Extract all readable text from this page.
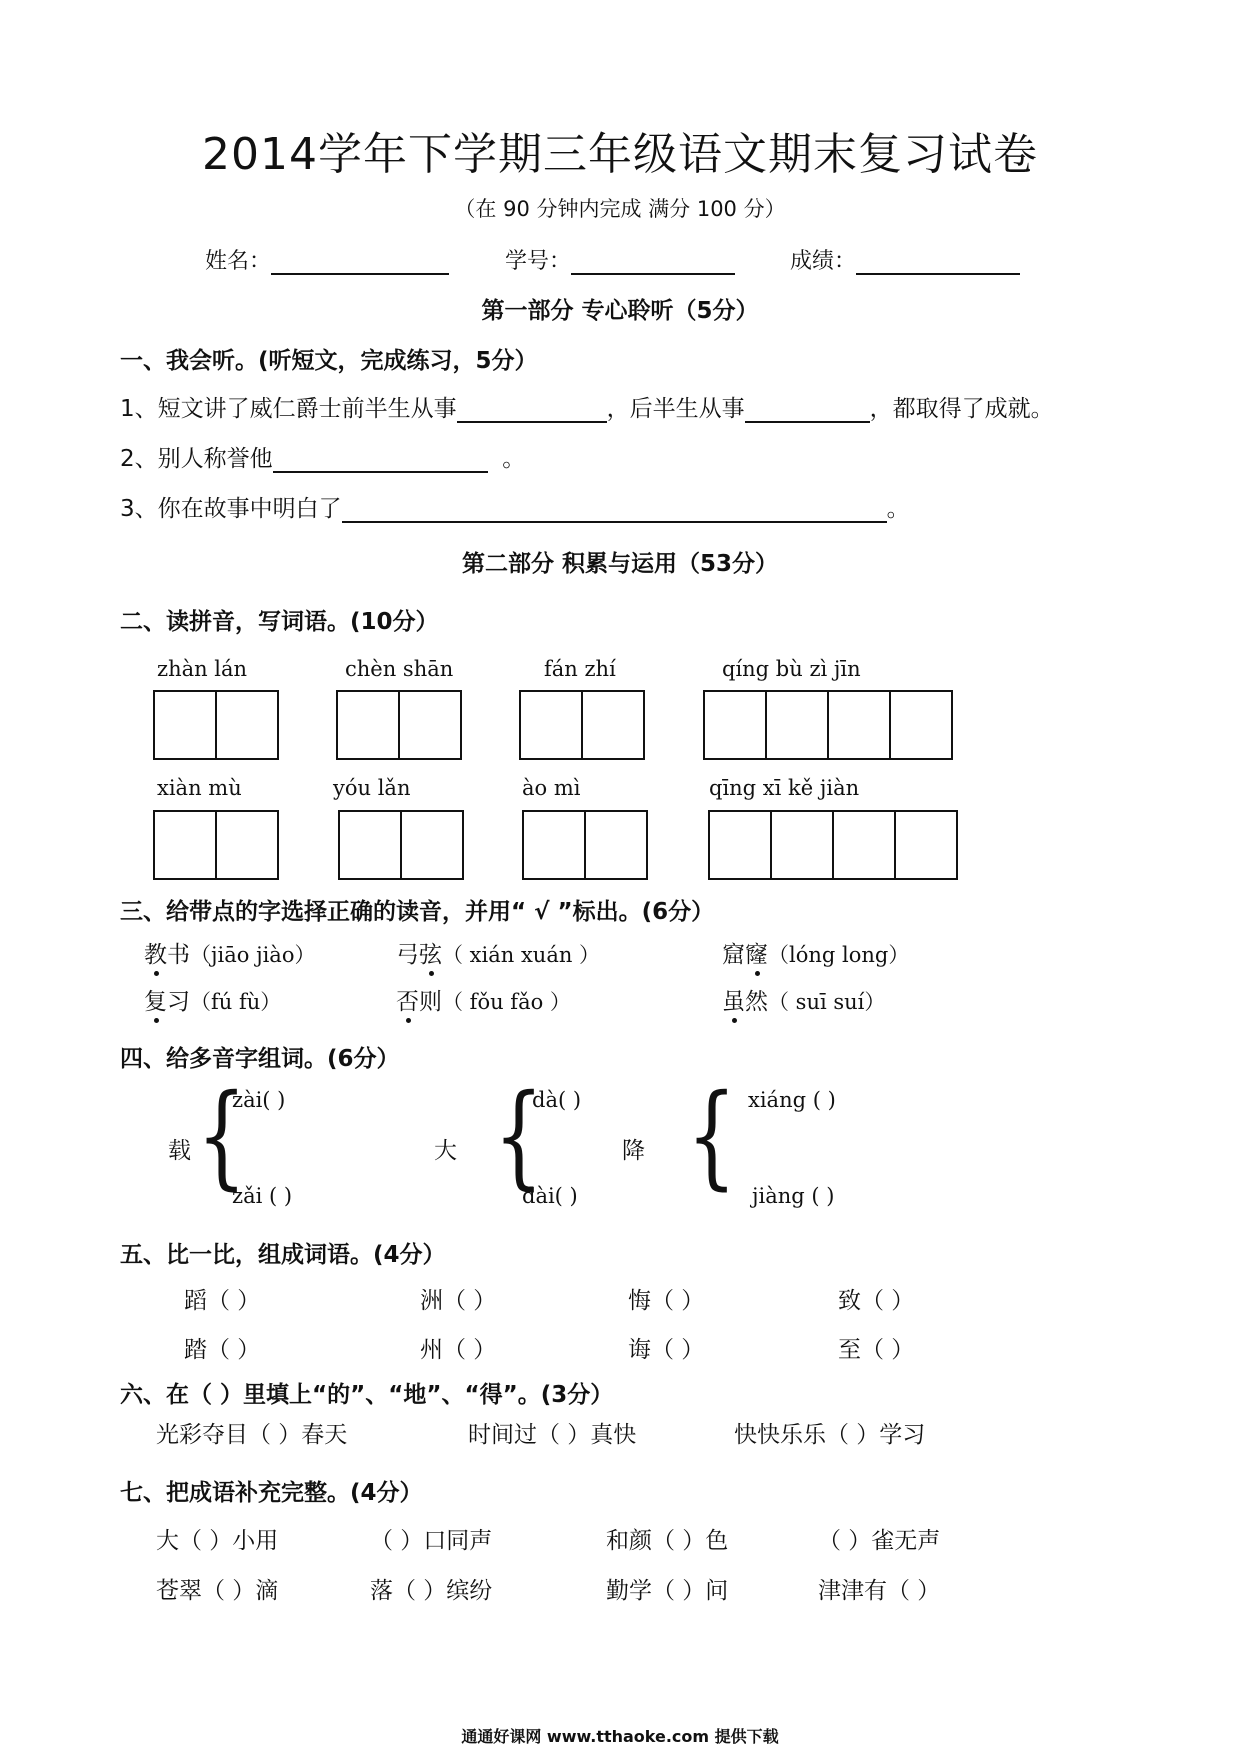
2014学年下学期三年级语文期末复习试卷
（在 90 分钟内完成 满分 100 分）
姓名：	学号：	成绩：
第一部分 专心聆听（5分）
一、我会听。(听短文，完成练习，5分）
1、短文讲了威仁爵士前半生从事	，后半生从事	，都取得了成就。
2、别人称誉他	。
3、你在故事中明白了	。
第二部分 积累与运用（53分）
二、读拼音，写词语。(10分）
zhàn lán	chèn shān	fán zhí	qíng bù zì jīn
xiàn mù	yóu lǎn	ào mì	qīng xī kě jiàn
三、给带点的字选择正确的读音，并用“ √ ”标出。(6分）
教书（jiāo jiào）	弓弦（ xián xuán ）	窟窿（lóng long）
复习（fú fù）	否则（ fǒu fǎo ）	虽然（ suī suí）
四、给多音字组词。(6分）
载 {
zài( )
zǎi ( )
大 {
dà( )
dài( )
降 { xiáng ( )
jiàng ( )
五、比一比，组成词语。(4分）
蹈（ ）	洲（ ）	悔（ ）	致（ ）
踏（ ）	州（ ）	诲（ ）	至（ ）
六、在（ ）里填上“的”、“地”、“得”。(3分）
光彩夺目（ ）春天	时间过（ ）真快	快快乐乐（ ）学习
七、把成语补充完整。(4分）
大（ ）小用	（ ）口同声	和颜（ ）色	（ ）雀无声
苍翠（ ）滴	落（ ）缤纷	勤学（ ）问	津津有（ ）
通通好课网 www.tthaoke.com 提供下载
